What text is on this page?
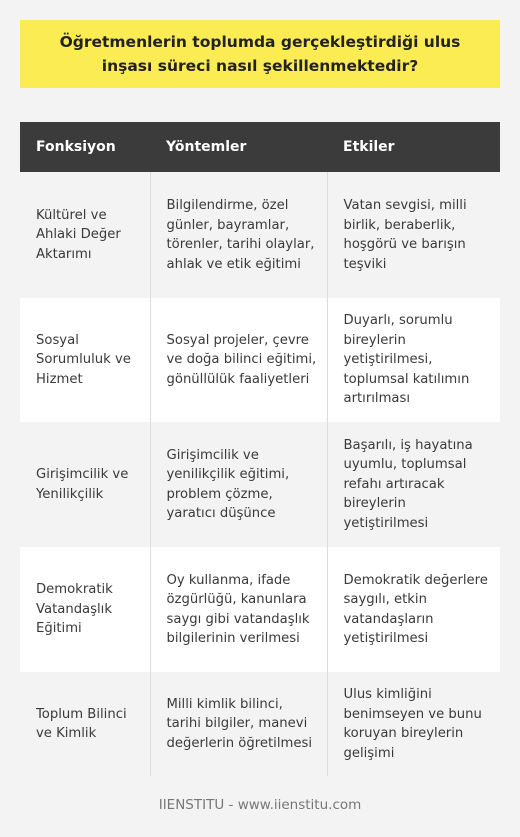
Öğretmenlerin toplumda gerçekleştirdiği ulus inşası süreci nasıl şekillenmektedir?
Fonksiyon	Yöntemler	Etkiler
Kültürel ve Ahlaki Değer Aktarımı	Bilgilendirme, özel günler, bayramlar, törenler, tarihi olaylar, ahlak ve etik eğitimi	Vatan sevgisi, milli birlik, beraberlik, hoşgörü ve barışın teşviki
Sosyal Sorumluluk ve Hizmet	Sosyal projeler, çevre ve doğa bilinci eğitimi, gönüllülük faaliyetleri	Duyarlı, sorumlu bireylerin yetiştirilmesi, toplumsal katılımın artırılması
Girişimcilik ve Yenilikçilik	Girişimcilik ve yenilikçilik eğitimi, problem çözme, yaratıcı düşünce	Başarılı, iş hayatına uyumlu, toplumsal refahı artıracak bireylerin yetiştirilmesi
Demokratik Vatandaşlık Eğitimi	Oy kullanma, ifade özgürlüğü, kanunlara saygı gibi vatandaşlık bilgilerinin verilmesi	Demokratik değerlere saygılı, etkin vatandaşların yetiştirilmesi
Toplum Bilinci ve Kimlik	Milli kimlik bilinci, tarihi bilgiler, manevi değerlerin öğretilmesi	Ulus kimliğini benimseyen ve bunu koruyan bireylerin gelişimi
IIENSTITU - www.iienstitu.com
